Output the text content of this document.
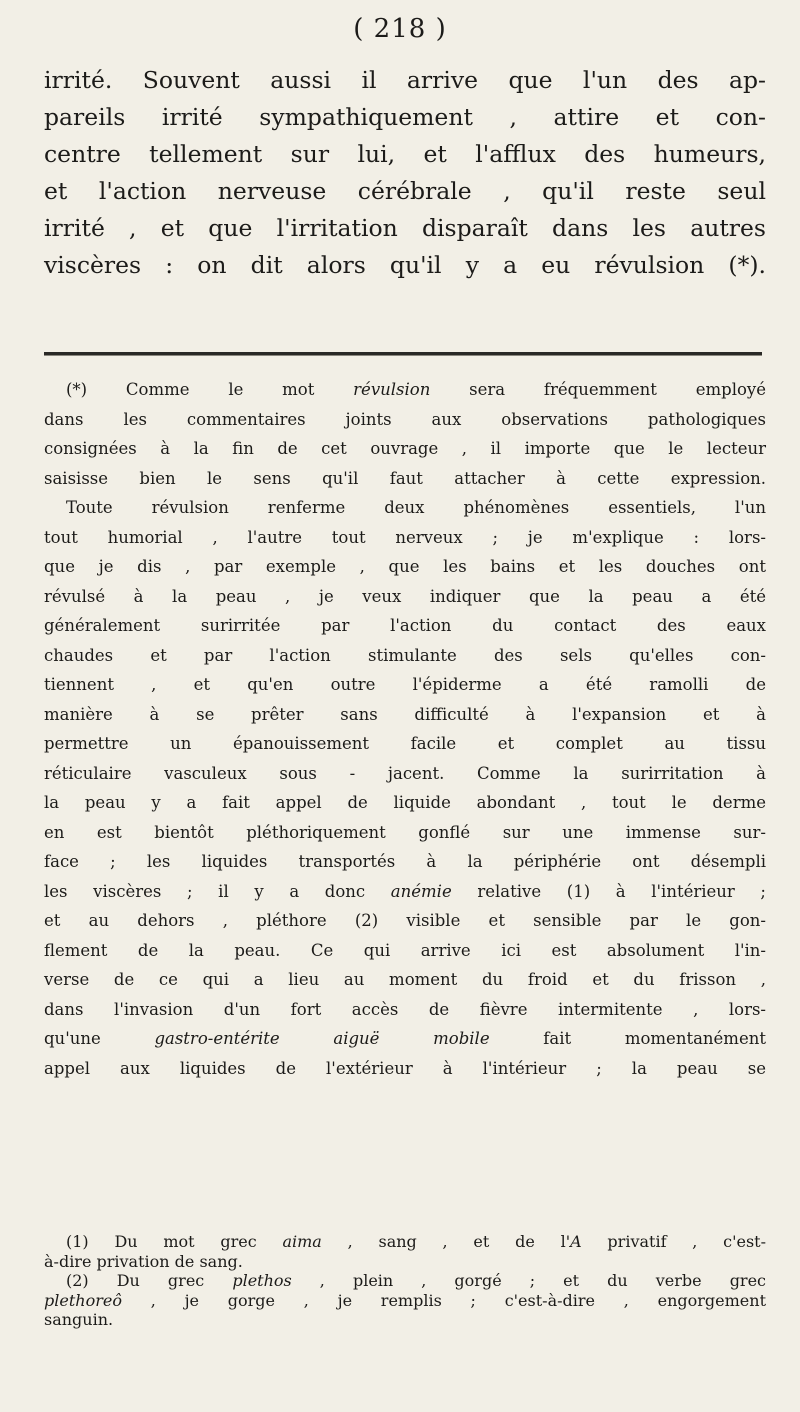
( 218 )
irrité. Souvent aussi il arrive que l'un des ap-
pareils irrité sympathiquement , attire et con-
centre tellement sur lui, et l'afflux des humeurs,
et l'action nerveuse cérébrale , qu'il reste seul
irrité , et que l'irritation disparaît dans les autres
viscères : on dit alors qu'il y a eu révulsion (*).
(*) Comme le mot révulsion sera fréquemment employé
dans les commentaires joints aux observations pathologiques
consignées à la fin de cet ouvrage , il importe que le lecteur
saisisse bien le sens qu'il faut attacher à cette expression.
Toute révulsion renferme deux phénomènes essentiels, l'un
tout humorial , l'autre tout nerveux ; je m'explique : lors-
que je dis , par exemple , que les bains et les douches ont
révulsé à la peau , je veux indiquer que la peau a été
généralement surirritée par l'action du contact des eaux
chaudes et par l'action stimulante des sels qu'elles con-
tiennent , et qu'en outre l'épiderme a été ramolli de
manière à se prêter sans difficulté à l'expansion et à
permettre un épanouissement facile et complet au tissu
réticulaire vasculeux sous - jacent. Comme la surirritation à
la peau y a fait appel de liquide abondant , tout le derme
en est bientôt pléthoriquement gonflé sur une immense sur-
face ; les liquides transportés à la périphérie ont désempli
les viscères ; il y a donc anémie relative (1) à l'intérieur ;
et au dehors , pléthore (2) visible et sensible par le gon-
flement de la peau. Ce qui arrive ici est absolument l'in-
verse de ce qui a lieu au moment du froid et du frisson ,
dans l'invasion d'un fort accès de fièvre intermitente , lors-
qu'une gastro-entérite aiguë mobile fait momentanément
appel aux liquides de l'extérieur à l'intérieur ; la peau se
(1) Du mot grec aima , sang , et de l'A privatif , c'est-
à-dire privation de sang.
(2) Du grec plethos , plein , gorgé ; et du verbe grec
plethoreô , je gorge , je remplis ; c'est-à-dire , engorgement
sanguin.
